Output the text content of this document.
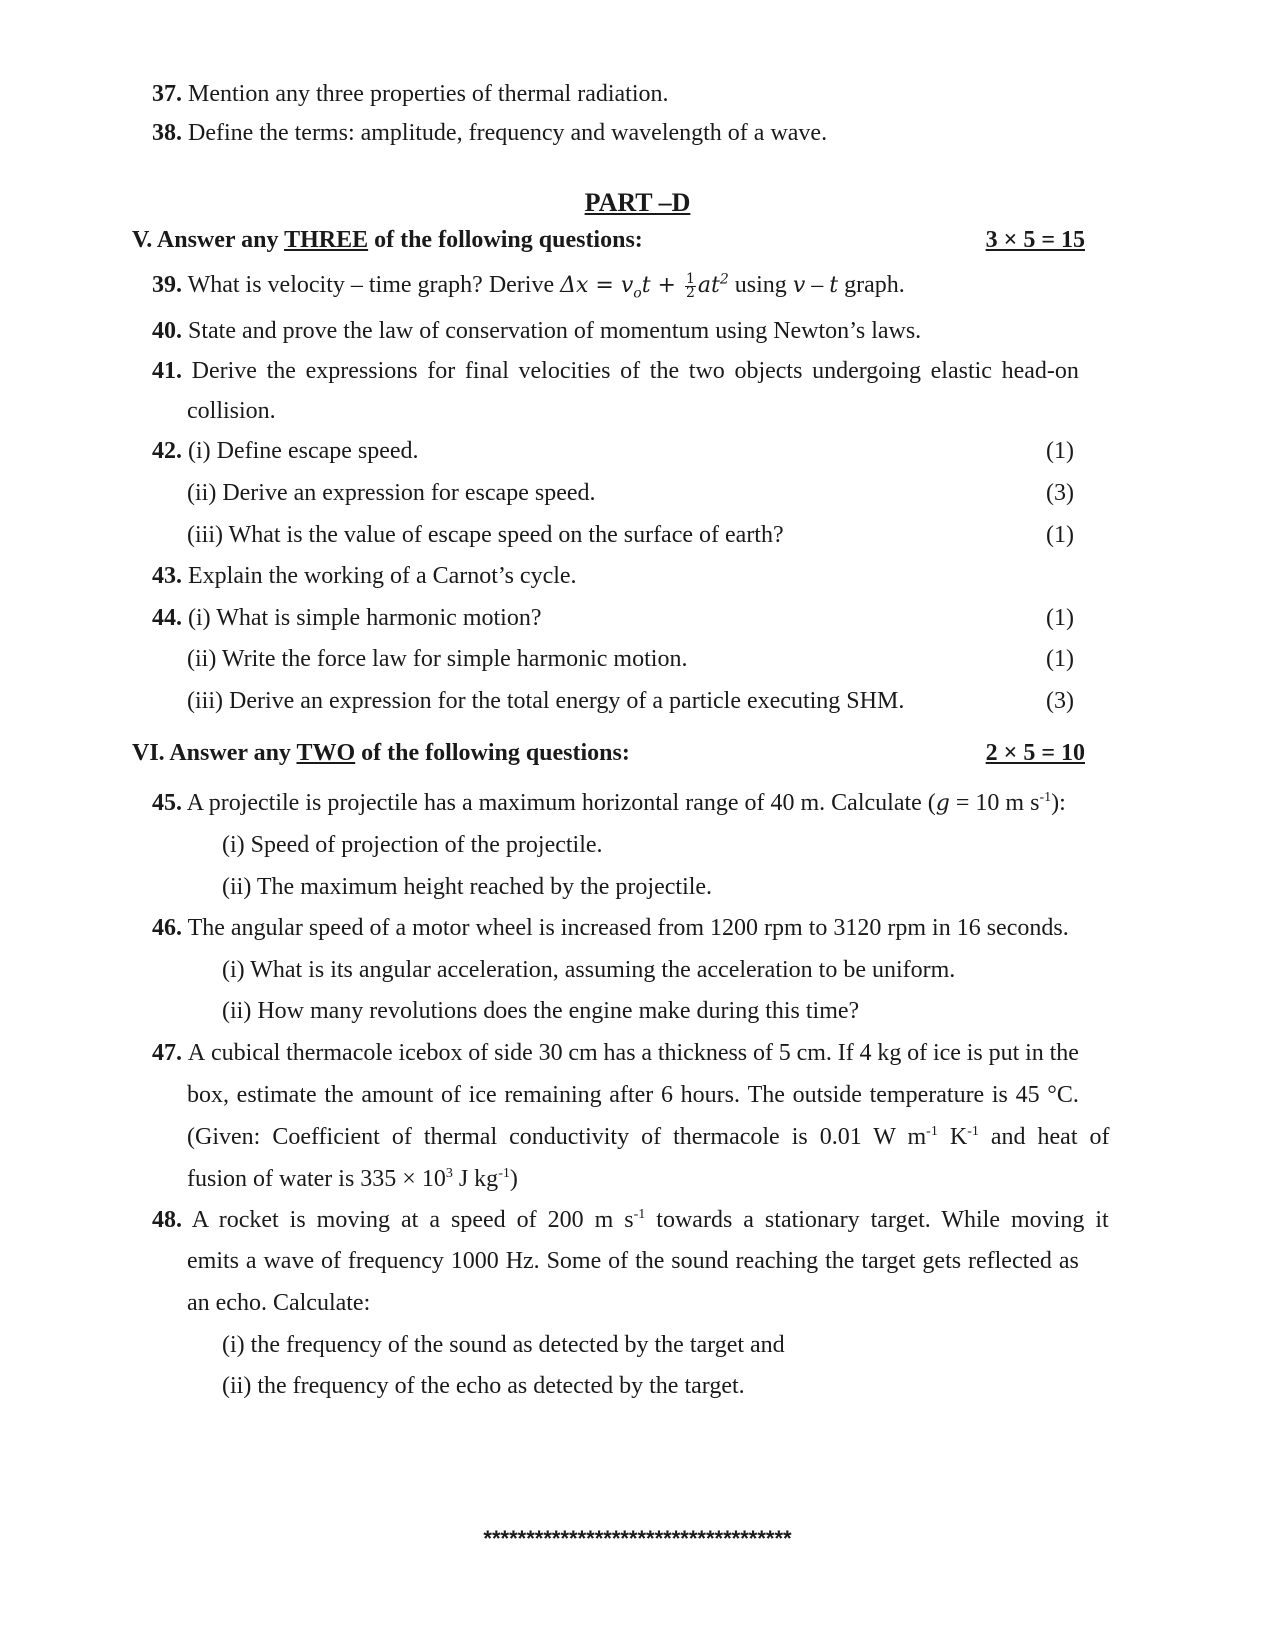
37. Mention any three properties of thermal radiation.
38. Define the terms: amplitude, frequency and wavelength of a wave.
PART –D
V. Answer any THREE of the following questions:	3 × 5 = 15
39. What is velocity – time graph? Derive $\Delta x = v_ot + \frac{1}{2} at^2$ using v – t graph.
40. State and prove the law of conservation of momentum using Newton’s laws.
41. Derive the expressions for final velocities of the two objects undergoing elastic head-on
collision.
42. (i) Define escape speed.	(1)
(ii) Derive an expression for escape speed.	(3)
(iii) What is the value of escape speed on the surface of earth?	(1)
43. Explain the working of a Carnot’s cycle.
44. (i) What is simple harmonic motion?	(1)
(ii) Write the force law for simple harmonic motion.	(1)
(iii) Derive an expression for the total energy of a particle executing SHM.	(3)
VI. Answer any TWO of the following questions:	2 × 5 = 10
45. A projectile is projectile has a maximum horizontal range of 40 m. Calculate (g = 10 m $s^{-1}$):
(i) Speed of projection of the projectile.
(ii) The maximum height reached by the projectile.
46. The angular speed of a motor wheel is increased from 1200 rpm to 3120 rpm in 16 seconds.
(i) What is its angular acceleration, assuming the acceleration to be uniform.
(ii) How many revolutions does the engine make during this time?
47. A cubical thermacole icebox of side 30 cm has a thickness of 5 cm. If 4 kg of ice is put in the
box, estimate the amount of ice remaining after 6 hours. The outside temperature is 45 °C.
(Given: Coefficient of thermal conductivity of thermacole is 0.01 W $m^{-1}$ $K^{-1}$ and heat of
fusion of water is $335 \times 10^3$ J $kg^{-1}$)
48. A rocket is moving at a speed of 200 m $s^{-1}$ towards a stationary target. While moving it
emits a wave of frequency 1000 Hz. Some of the sound reaching the target gets reflected as
an echo. Calculate:
(i) the frequency of the sound as detected by the target and
(ii) the frequency of the echo as detected by the target.
************************************
